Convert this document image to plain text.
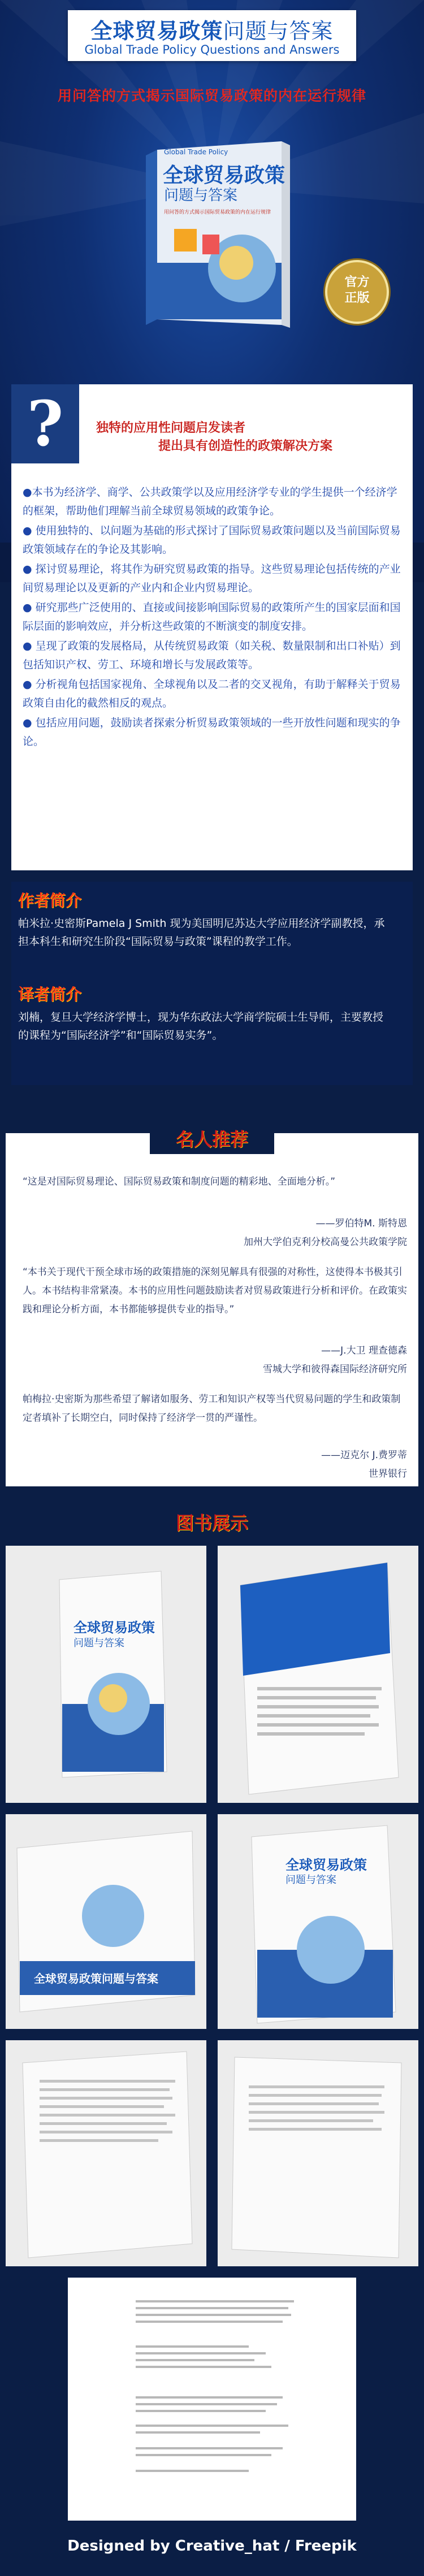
全球贸易政策问题与答案
Global Trade Policy Questions and Answers
用问答的方式揭示国际贸易政策的内在运行规律
Global Trade Policy
全球贸易政策
问题与答案
用问答的方式揭示国际贸易政策的内在运行规律
官方
正版
?	独特的应用性问题启发读者
提出具有创造性的政策解决方案

●本书为经济学、商学、公共政策学以及应用经济学专业的学生提供一个经济学的框架，帮助他们理解当前全球贸易领域的政策争论。

● 使用独特的、以问题为基础的形式探讨了国际贸易政策问题以及当前国际贸易政策领域存在的争论及其影响。

● 探讨贸易理论，将其作为研究贸易政策的指导。这些贸易理论包括传统的产业间贸易理论以及更新的产业内和企业内贸易理论。

● 研究那些广泛使用的、直接或间接影响国际贸易的政策所产生的国家层面和国际层面的影响效应，并分析这些政策的不断演变的制度安排。

● 呈现了政策的发展格局，从传统贸易政策（如关税、数量限制和出口补贴）到包括知识产权、劳工、环境和增长与发展政策等。

● 分析视角包括国家视角、全球视角以及二者的交叉视角，有助于解释关于贸易政策自由化的截然相反的观点。

● 包括应用问题，鼓励读者探索分析贸易政策领域的一些开放性问题和现实的争论。

作者简介
帕米拉·史密斯Pamela J Smith 现为美国明尼苏达大学应用经济学副教授，承担本科生和研究生阶段“国际贸易与政策”课程的教学工作。
译者简介
刘楠，复旦大学经济学博士，现为华东政法大学商学院硕士生导师，主要教授的课程为“国际经济学”和“国际贸易实务”。
“这是对国际贸易理论、国际贸易政策和制度问题的精彩地、全面地分析。”
——罗伯特M. 斯特恩
加州大学伯克利分校高曼公共政策学院
“本书关于现代干预全球市场的政策措施的深刻见解具有很强的对称性，这使得本书极其引人。本书结构非常紧凑。本书的应用性问题鼓励读者对贸易政策进行分析和评价。在政策实践和理论分析方面，本书都能够提供专业的指导。”
——J.大卫 理查德森
雪城大学和彼得森国际经济研究所
帕梅拉·史密斯为那些希望了解诸如服务、劳工和知识产权等当代贸易问题的学生和政策制定者填补了长期空白，同时保持了经济学一贯的严谨性。
——迈克尔 J.费罗蒂
世界银行
名人推荐
图书展示
全球贸易政策
问题与答案
全球贸易政策问题与答案
全球贸易政策
问题与答案
Designed by Creative_hat / Freepik
